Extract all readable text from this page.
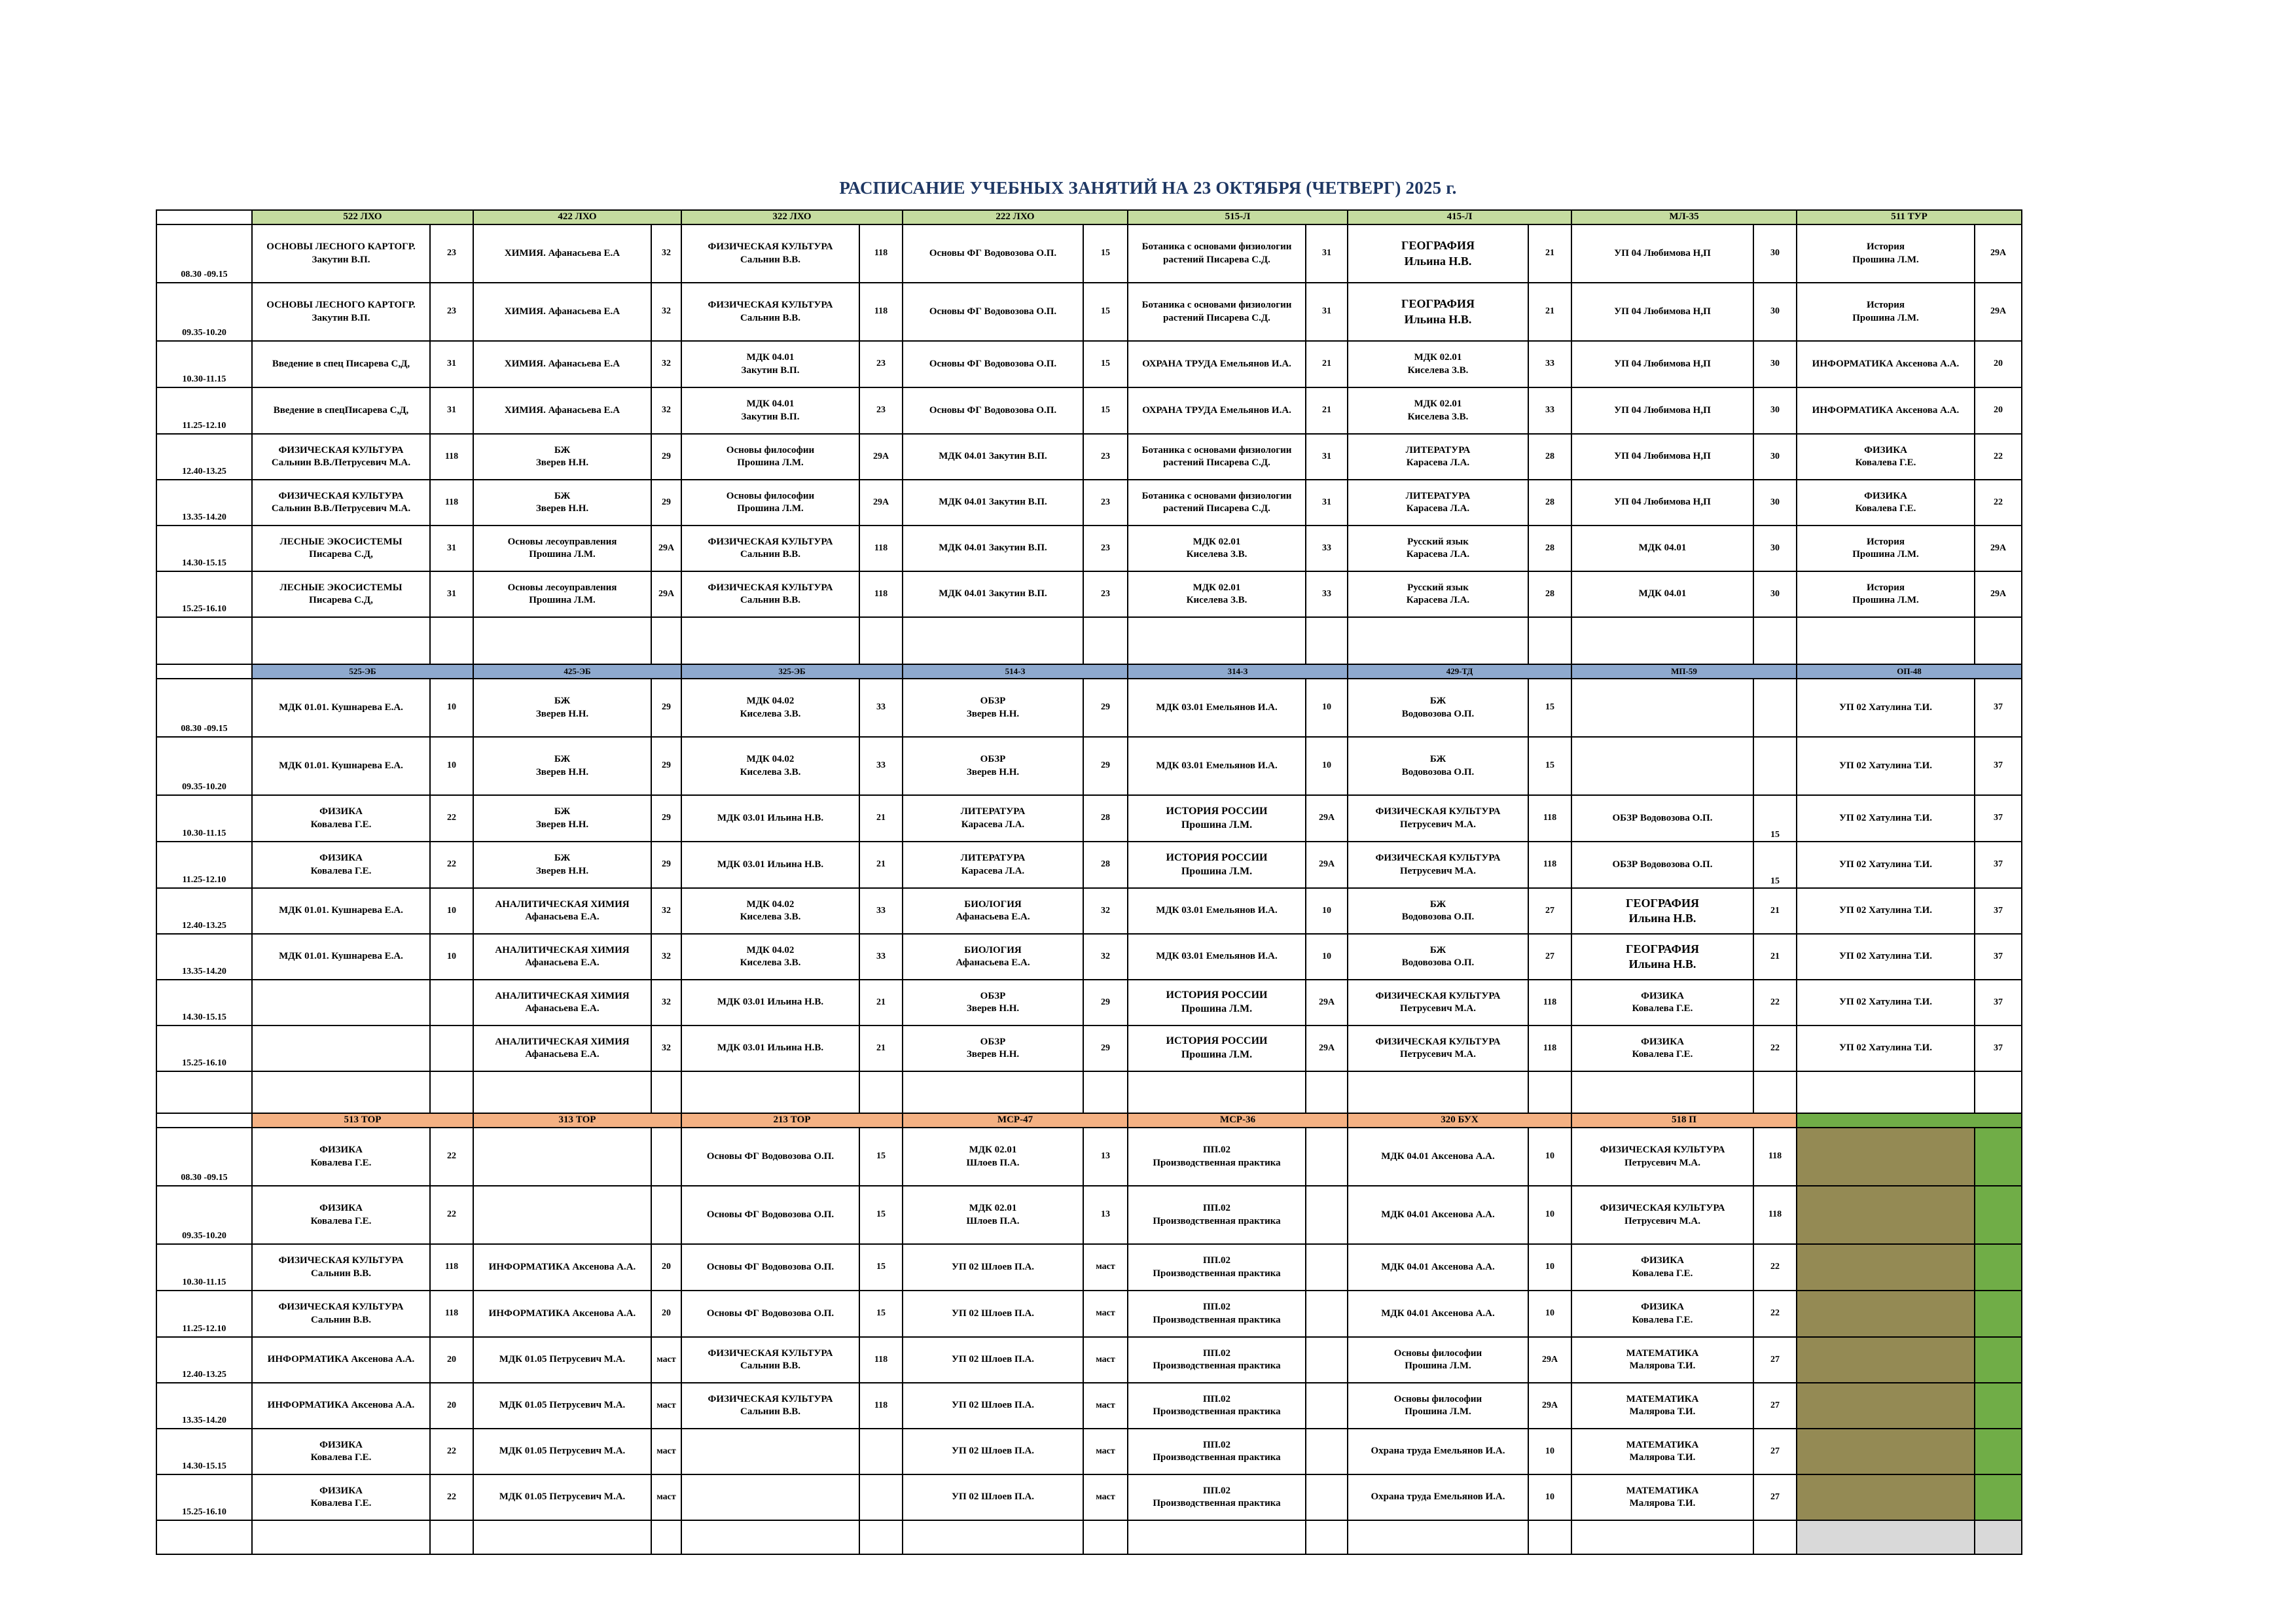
РАСПИСАНИЕ УЧЕБНЫХ ЗАНЯТИЙ НА 23 ОКТЯБРЯ (ЧЕТВЕРГ) 2025 г.
	522 ЛХО		422 ЛХО		322 ЛХО		222 ЛХО		515-Л		415-Л		МЛ-35		511 ТУР	
08.30 -09.15	ОСНОВЫ ЛЕСНОГО КАРТОГР.
Закутин В.П.	23	ХИМИЯ. Афанасьева Е.А	32	ФИЗИЧЕСКАЯ КУЛЬТУРА
Сальнин В.В.	118	Основы ФГ Водовозова О.П.	15	Ботаника с основами физиологии
растений Писарева С.Д.	31	ГЕОГРАФИЯ
Ильина Н.В.	21	УП 04 Любимова Н,П	30	История
Прошина Л.М.	29А
09.35-10.20	ОСНОВЫ ЛЕСНОГО КАРТОГР.
Закутин В.П.	23	ХИМИЯ. Афанасьева Е.А	32	ФИЗИЧЕСКАЯ КУЛЬТУРА
Сальнин В.В.	118	Основы ФГ Водовозова О.П.	15	Ботаника с основами физиологии
растений Писарева С.Д.	31	ГЕОГРАФИЯ
Ильина Н.В.	21	УП 04 Любимова Н,П	30	История
Прошина Л.М.	29А
10.30-11.15	Введение в спец Писарева С,Д,	31	ХИМИЯ. Афанасьева Е.А	32	МДК 04.01
Закутин В.П.	23	Основы ФГ Водовозова О.П.	15	ОХРАНА ТРУДА Емельянов И.А.	21	МДК 02.01
Киселева З.В.	33	УП 04 Любимова Н,П	30	ИНФОРМАТИКА Аксенова А.А.	20
11.25-12.10	Введение в спецПисарева С,Д,	31	ХИМИЯ. Афанасьева Е.А	32	МДК 04.01
Закутин В.П.	23	Основы ФГ Водовозова О.П.	15	ОХРАНА ТРУДА Емельянов И.А.	21	МДК 02.01
Киселева З.В.	33	УП 04 Любимова Н,П	30	ИНФОРМАТИКА Аксенова А.А.	20
12.40-13.25	ФИЗИЧЕСКАЯ КУЛЬТУРА
Сальнин В.В./Петрусевич М.А.	118	БЖ
Зверев Н.Н.	29	Основы философии
Прошина Л.М.	29А	МДК 04.01 Закутин В.П.	23	Ботаника с основами физиологии
растений Писарева С.Д.	31	ЛИТЕРАТУРА
Карасева Л.А.	28	УП 04 Любимова Н,П	30	ФИЗИКА
Ковалева Г.Е.	22
13.35-14.20	ФИЗИЧЕСКАЯ КУЛЬТУРА
Сальнин В.В./Петрусевич М.А.	118	БЖ
Зверев Н.Н.	29	Основы философии
Прошина Л.М.	29А	МДК 04.01 Закутин В.П.	23	Ботаника с основами физиологии
растений Писарева С.Д.	31	ЛИТЕРАТУРА
Карасева Л.А.	28	УП 04 Любимова Н,П	30	ФИЗИКА
Ковалева Г.Е.	22
14.30-15.15	ЛЕСНЫЕ ЭКОСИСТЕМЫ
Писарева С.Д,	31	Основы лесоуправления
Прошина Л.М.	29А	ФИЗИЧЕСКАЯ КУЛЬТУРА
Сальнин В.В.	118	МДК 04.01 Закутин В.П.	23	МДК 02.01
Киселева З.В.	33	Русский язык
Карасева Л.А.	28	МДК 04.01	30	История
Прошина Л.М.	29А
15.25-16.10	ЛЕСНЫЕ ЭКОСИСТЕМЫ
Писарева С.Д,	31	Основы лесоуправления
Прошина Л.М.	29А	ФИЗИЧЕСКАЯ КУЛЬТУРА
Сальнин В.В.	118	МДК 04.01 Закутин В.П.	23	МДК 02.01
Киселева З.В.	33	Русский язык
Карасева Л.А.	28	МДК 04.01	30	История
Прошина Л.М.	29А

	525-ЭБ		425-ЭБ		325-ЭБ		514-З		314-З		429-ТД		МП-59		ОП-48	
08.30 -09.15	МДК 01.01. Кушнарева Е.А.	10	БЖ
Зверев Н.Н.	29	МДК 04.02
Киселева З.В.	33	ОБЗР
Зверев Н.Н.	29	МДК 03.01 Емельянов И.А.	10	БЖ
Водовозова О.П.	15			УП 02 Хатулина Т.И.	37
09.35-10.20	МДК 01.01. Кушнарева Е.А.	10	БЖ
Зверев Н.Н.	29	МДК 04.02
Киселева З.В.	33	ОБЗР
Зверев Н.Н.	29	МДК 03.01 Емельянов И.А.	10	БЖ
Водовозова О.П.	15			УП 02 Хатулина Т.И.	37
10.30-11.15	ФИЗИКА
Ковалева Г.Е.	22	БЖ
Зверев Н.Н.	29	МДК 03.01 Ильина Н.В.	21	ЛИТЕРАТУРА
Карасева Л.А.	28	ИСТОРИЯ РОССИИ
Прошина Л.М.	29А	ФИЗИЧЕСКАЯ КУЛЬТУРА
Петрусевич М.А.	118	ОБЗР Водовозова О.П.	15	УП 02 Хатулина Т.И.	37
11.25-12.10	ФИЗИКА
Ковалева Г.Е.	22	БЖ
Зверев Н.Н.	29	МДК 03.01 Ильина Н.В.	21	ЛИТЕРАТУРА
Карасева Л.А.	28	ИСТОРИЯ РОССИИ
Прошина Л.М.	29А	ФИЗИЧЕСКАЯ КУЛЬТУРА
Петрусевич М.А.	118	ОБЗР Водовозова О.П.	15	УП 02 Хатулина Т.И.	37
12.40-13.25	МДК 01.01. Кушнарева Е.А.	10	АНАЛИТИЧЕСКАЯ ХИМИЯ
Афанасьева Е.А.	32	МДК 04.02
Киселева З.В.	33	БИОЛОГИЯ
Афанасьева Е.А.	32	МДК 03.01 Емельянов И.А.	10	БЖ
Водовозова О.П.	27	ГЕОГРАФИЯ
Ильина Н.В.	21	УП 02 Хатулина Т.И.	37
13.35-14.20	МДК 01.01. Кушнарева Е.А.	10	АНАЛИТИЧЕСКАЯ ХИМИЯ
Афанасьева Е.А.	32	МДК 04.02
Киселева З.В.	33	БИОЛОГИЯ
Афанасьева Е.А.	32	МДК 03.01 Емельянов И.А.	10	БЖ
Водовозова О.П.	27	ГЕОГРАФИЯ
Ильина Н.В.	21	УП 02 Хатулина Т.И.	37
14.30-15.15			АНАЛИТИЧЕСКАЯ ХИМИЯ
Афанасьева Е.А.	32	МДК 03.01 Ильина Н.В.	21	ОБЗР
Зверев Н.Н.	29	ИСТОРИЯ РОССИИ
Прошина Л.М.	29А	ФИЗИЧЕСКАЯ КУЛЬТУРА
Петрусевич М.А.	118	ФИЗИКА
Ковалева Г.Е.	22	УП 02 Хатулина Т.И.	37
15.25-16.10			АНАЛИТИЧЕСКАЯ ХИМИЯ
Афанасьева Е.А.	32	МДК 03.01 Ильина Н.В.	21	ОБЗР
Зверев Н.Н.	29	ИСТОРИЯ РОССИИ
Прошина Л.М.	29А	ФИЗИЧЕСКАЯ КУЛЬТУРА
Петрусевич М.А.	118	ФИЗИКА
Ковалева Г.Е.	22	УП 02 Хатулина Т.И.	37

	513 ТОР		313 ТОР		213 ТОР		МСР-47		МСР-36		320 БУХ		518 П			
08.30 -09.15	ФИЗИКА
Ковалева Г.Е.	22			Основы ФГ Водовозова О.П.	15	МДК 02.01
Шлоев П.А.	13	ПП.02
Производственная практика		МДК 04.01 Аксенова А.А.	10	ФИЗИЧЕСКАЯ КУЛЬТУРА
Петрусевич М.А.	118		
09.35-10.20	ФИЗИКА
Ковалева Г.Е.	22			Основы ФГ Водовозова О.П.	15	МДК 02.01
Шлоев П.А.	13	ПП.02
Производственная практика		МДК 04.01 Аксенова А.А.	10	ФИЗИЧЕСКАЯ КУЛЬТУРА
Петрусевич М.А.	118		
10.30-11.15	ФИЗИЧЕСКАЯ КУЛЬТУРА
Сальнин В.В.	118	ИНФОРМАТИКА Аксенова А.А.	20	Основы ФГ Водовозова О.П.	15	УП 02 Шлоев П.А.	маст	ПП.02
Производственная практика		МДК 04.01 Аксенова А.А.	10	ФИЗИКА
Ковалева Г.Е.	22		
11.25-12.10	ФИЗИЧЕСКАЯ КУЛЬТУРА
Сальнин В.В.	118	ИНФОРМАТИКА Аксенова А.А.	20	Основы ФГ Водовозова О.П.	15	УП 02 Шлоев П.А.	маст	ПП.02
Производственная практика		МДК 04.01 Аксенова А.А.	10	ФИЗИКА
Ковалева Г.Е.	22		
12.40-13.25	ИНФОРМАТИКА Аксенова А.А.	20	МДК 01.05 Петрусевич М.А.	маст	ФИЗИЧЕСКАЯ КУЛЬТУРА
Сальнин В.В.	118	УП 02 Шлоев П.А.	маст	ПП.02
Производственная практика		Основы философии
Прошина Л.М.	29А	МАТЕМАТИКА
Малярова Т.И.	27		
13.35-14.20	ИНФОРМАТИКА Аксенова А.А.	20	МДК 01.05 Петрусевич М.А.	маст	ФИЗИЧЕСКАЯ КУЛЬТУРА
Сальнин В.В.	118	УП 02 Шлоев П.А.	маст	ПП.02
Производственная практика		Основы философии
Прошина Л.М.	29А	МАТЕМАТИКА
Малярова Т.И.	27		
14.30-15.15	ФИЗИКА
Ковалева Г.Е.	22	МДК 01.05 Петрусевич М.А.	маст			УП 02 Шлоев П.А.	маст	ПП.02
Производственная практика		Охрана труда Емельянов И.А.	10	МАТЕМАТИКА
Малярова Т.И.	27		
15.25-16.10	ФИЗИКА
Ковалева Г.Е.	22	МДК 01.05 Петрусевич М.А.	маст			УП 02 Шлоев П.А.	маст	ПП.02
Производственная практика		Охрана труда Емельянов И.А.	10	МАТЕМАТИКА
Малярова Т.И.	27		
